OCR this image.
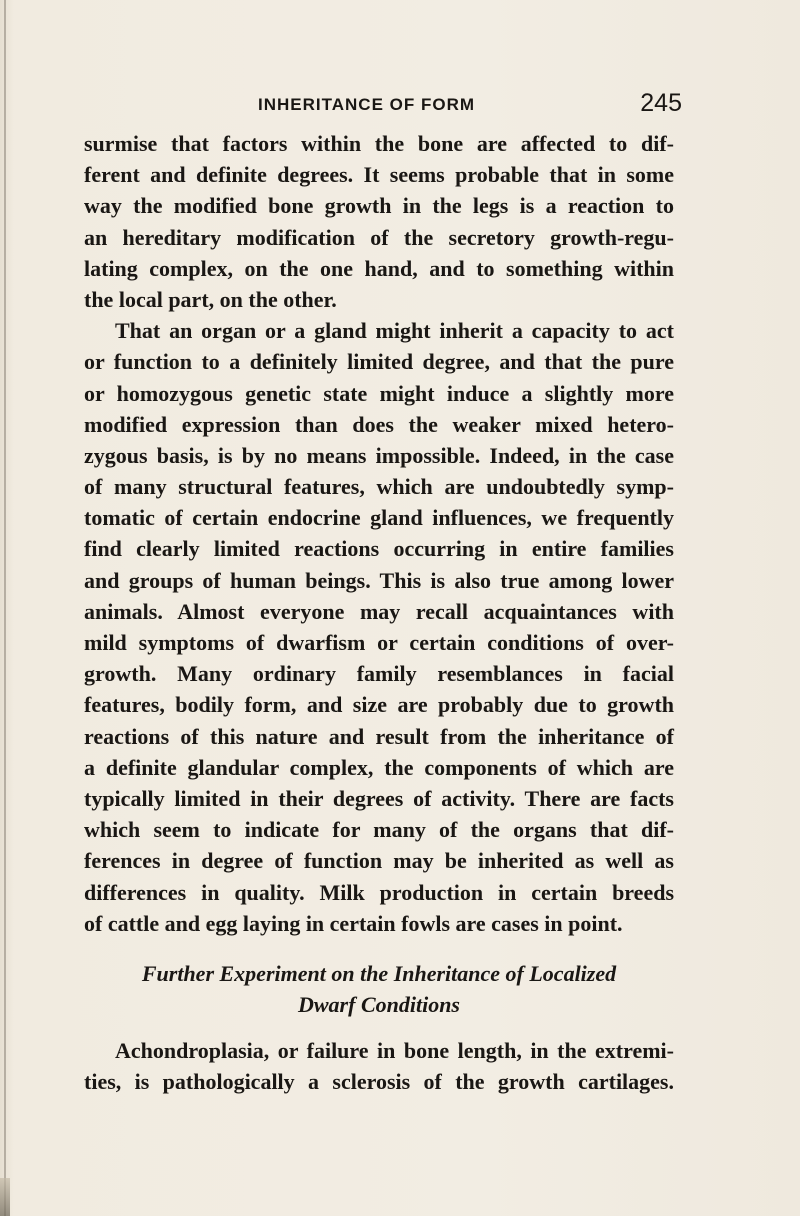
INHERITANCE OF FORM	245
surmise that factors within the bone are affected to dif-
ferent and definite degrees. It seems probable that in some
way the modified bone growth in the legs is a reaction to
an hereditary modification of the secretory growth-regu-
lating complex, on the one hand, and to something within
the local part, on the other.
That an organ or a gland might inherit a capacity to act
or function to a definitely limited degree, and that the pure
or homozygous genetic state might induce a slightly more
modified expression than does the weaker mixed hetero-
zygous basis, is by no means impossible. Indeed, in the case
of many structural features, which are undoubtedly symp-
tomatic of certain endocrine gland influences, we frequently
find clearly limited reactions occurring in entire families
and groups of human beings. This is also true among lower
animals. Almost everyone may recall acquaintances with
mild symptoms of dwarfism or certain conditions of over-
growth. Many ordinary family resemblances in facial
features, bodily form, and size are probably due to growth
reactions of this nature and result from the inheritance of
a definite glandular complex, the components of which are
typically limited in their degrees of activity. There are facts
which seem to indicate for many of the organs that dif-
ferences in degree of function may be inherited as well as
differences in quality. Milk production in certain breeds
of cattle and egg laying in certain fowls are cases in point.
Further Experiment on the Inheritance of Localized
Dwarf Conditions
Achondroplasia, or failure in bone length, in the extremi-
ties, is pathologically a sclerosis of the growth cartilages.
